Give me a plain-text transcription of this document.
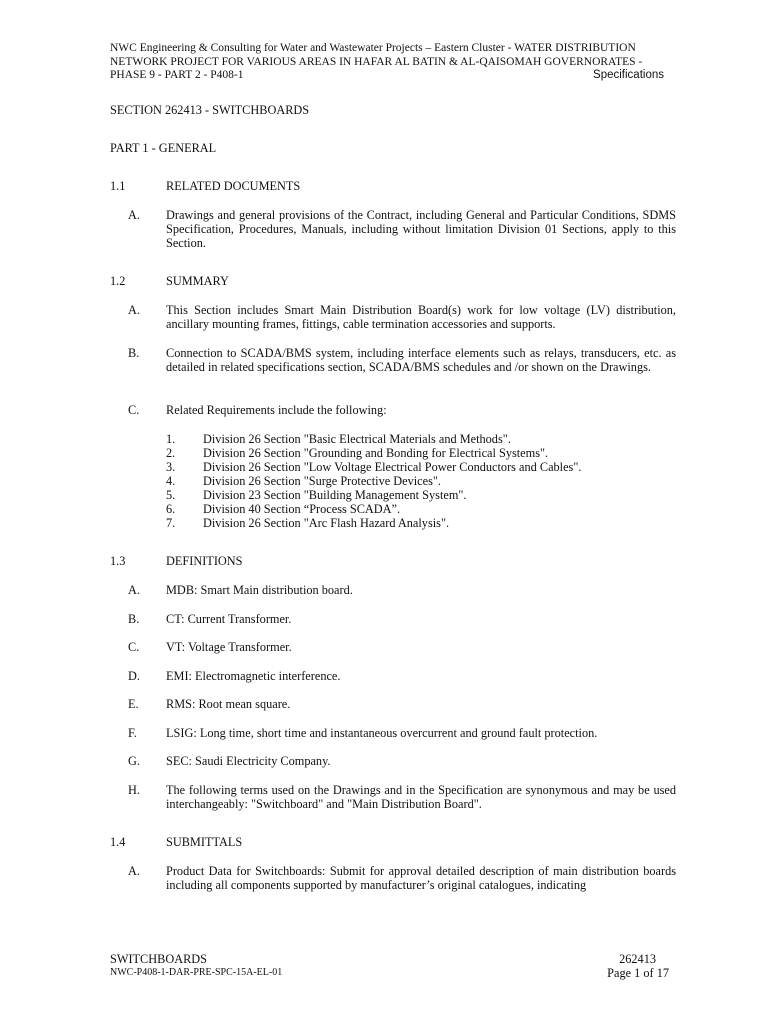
NWC Engineering & Consulting for Water and Wastewater Projects – Eastern Cluster - WATER DISTRIBUTION
NETWORK PROJECT FOR VARIOUS AREAS IN HAFAR AL BATIN & AL-QAISOMAH GOVERNORATES -
PHASE 9 - PART 2 - P408-1	Specifications
SECTION 262413 - SWITCHBOARDS
PART 1 - GENERAL
1.1	RELATED DOCUMENTS
A. Drawings and general provisions of the Contract, including General and Particular Conditions, SDMS Specification, Procedures, Manuals, including without limitation Division 01 Sections, apply to this Section.
1.2	SUMMARY
A. This Section includes Smart Main Distribution Board(s) work for low voltage (LV) distribution, ancillary mounting frames, fittings, cable termination accessories and supports.
B. Connection to SCADA/BMS system, including interface elements such as relays, transducers, etc. as detailed in related specifications section, SCADA/BMS schedules and /or shown on the Drawings.
C. Related Requirements include the following:
1. Division 26 Section "Basic Electrical Materials and Methods".
2. Division 26 Section "Grounding and Bonding for Electrical Systems".
3. Division 26 Section "Low Voltage Electrical Power Conductors and Cables".
4. Division 26 Section "Surge Protective Devices".
5. Division 23 Section "Building Management System".
6. Division 40 Section “Process SCADA”.
7. Division 26 Section "Arc Flash Hazard Analysis".
1.3	DEFINITIONS
A. MDB: Smart Main distribution board.
B. CT: Current Transformer.
C. VT: Voltage Transformer.
D. EMI: Electromagnetic interference.
E. RMS: Root mean square.
F. LSIG: Long time, short time and instantaneous overcurrent and ground fault protection.
G. SEC: Saudi Electricity Company.
H. The following terms used on the Drawings and in the Specification are synonymous and may be used interchangeably: "Switchboard" and "Main Distribution Board".
1.4	SUBMITTALS
A. Product Data for Switchboards: Submit for approval detailed description of main distribution boards including all components supported by manufacturer’s original catalogues, indicating
SWITCHBOARDS
NWC-P408-1-DAR-PRE-SPC-15A-EL-01
262413
Page 1 of 17
